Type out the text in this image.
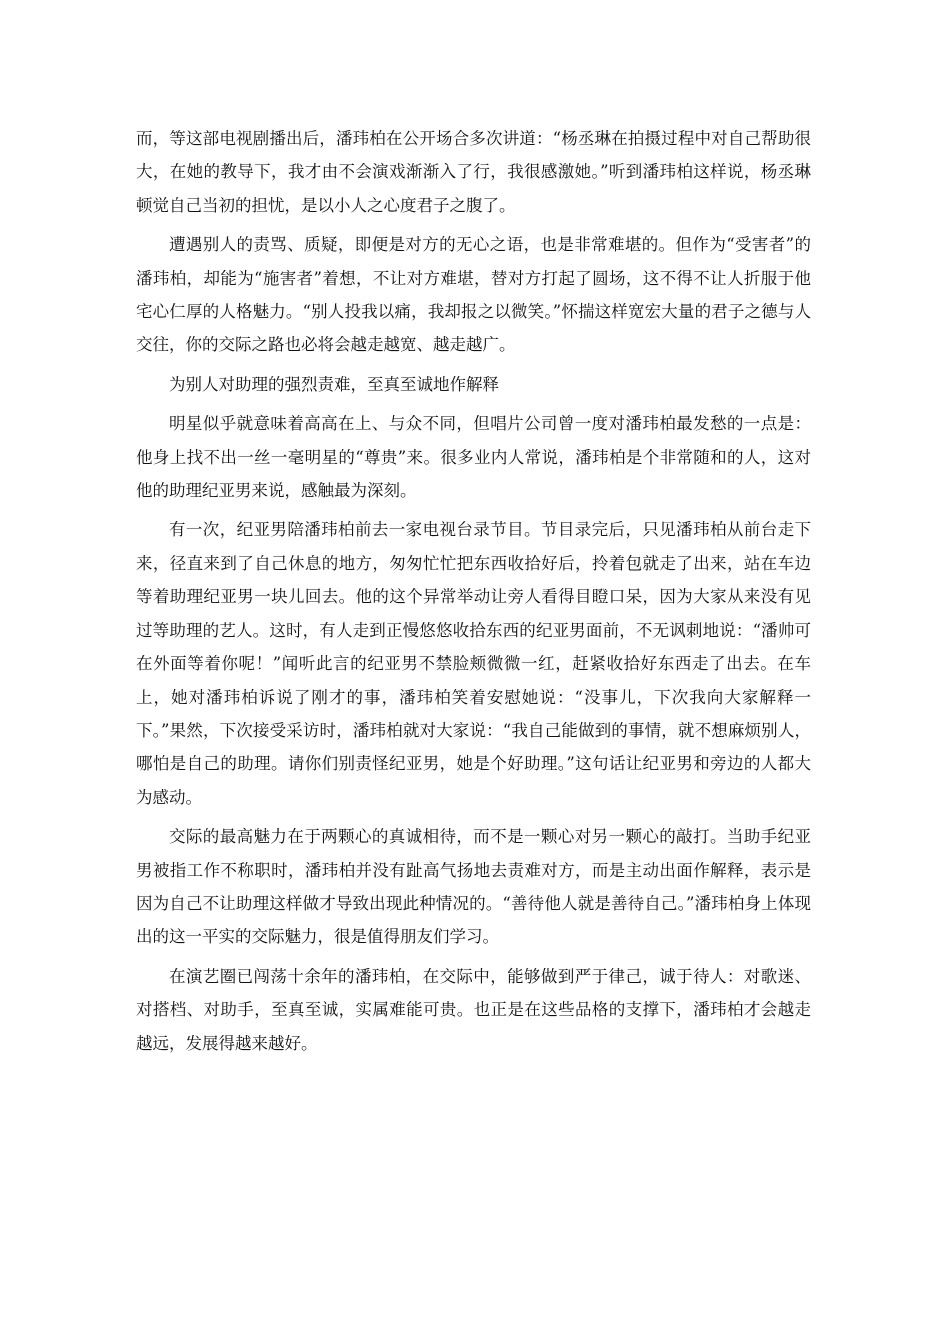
而，等这部电视剧播出后，潘玮柏在公开场合多次讲道：“杨丞琳在拍摄过程中对自己帮助很大，在她的教导下，我才由不会演戏渐渐入了行，我很感激她。”听到潘玮柏这样说，杨丞琳顿觉自己当初的担忧，是以小人之心度君子之腹了。

遭遇别人的责骂、质疑，即便是对方的无心之语，也是非常难堪的。但作为“受害者”的潘玮柏，却能为“施害者”着想，不让对方难堪，替对方打起了圆场，这不得不让人折服于他宅心仁厚的人格魅力。“别人投我以痛，我却报之以微笑。”怀揣这样宽宏大量的君子之德与人交往，你的交际之路也必将会越走越宽、越走越广。

为别人对助理的强烈责难，至真至诚地作解释

明星似乎就意味着高高在上、与众不同，但唱片公司曾一度对潘玮柏最发愁的一点是：他身上找不出一丝一毫明星的“尊贵”来。很多业内人常说，潘玮柏是个非常随和的人，这对他的助理纪亚男来说，感触最为深刻。

有一次，纪亚男陪潘玮柏前去一家电视台录节目。节目录完后，只见潘玮柏从前台走下来，径直来到了自己休息的地方，匆匆忙忙把东西收拾好后，拎着包就走了出来，站在车边等着助理纪亚男一块儿回去。他的这个异常举动让旁人看得目瞪口呆，因为大家从来没有见过等助理的艺人。这时，有人走到正慢悠悠收拾东西的纪亚男面前，不无讽刺地说：“潘帅可在外面等着你呢！”闻听此言的纪亚男不禁脸颊微微一红，赶紧收拾好东西走了出去。在车上，她对潘玮柏诉说了刚才的事，潘玮柏笑着安慰她说：“没事儿，下次我向大家解释一下。”果然，下次接受采访时，潘玮柏就对大家说：“我自己能做到的事情，就不想麻烦别人，哪怕是自己的助理。请你们别责怪纪亚男，她是个好助理。”这句话让纪亚男和旁边的人都大为感动。

交际的最高魅力在于两颗心的真诚相待，而不是一颗心对另一颗心的敲打。当助手纪亚男被指工作不称职时，潘玮柏并没有趾高气扬地去责难对方，而是主动出面作解释，表示是因为自己不让助理这样做才导致出现此种情况的。“善待他人就是善待自己。”潘玮柏身上体现出的这一平实的交际魅力，很是值得朋友们学习。

在演艺圈已闯荡十余年的潘玮柏，在交际中，能够做到严于律己，诚于待人：对歌迷、对搭档、对助手，至真至诚，实属难能可贵。也正是在这些品格的支撑下，潘玮柏才会越走越远，发展得越来越好。
